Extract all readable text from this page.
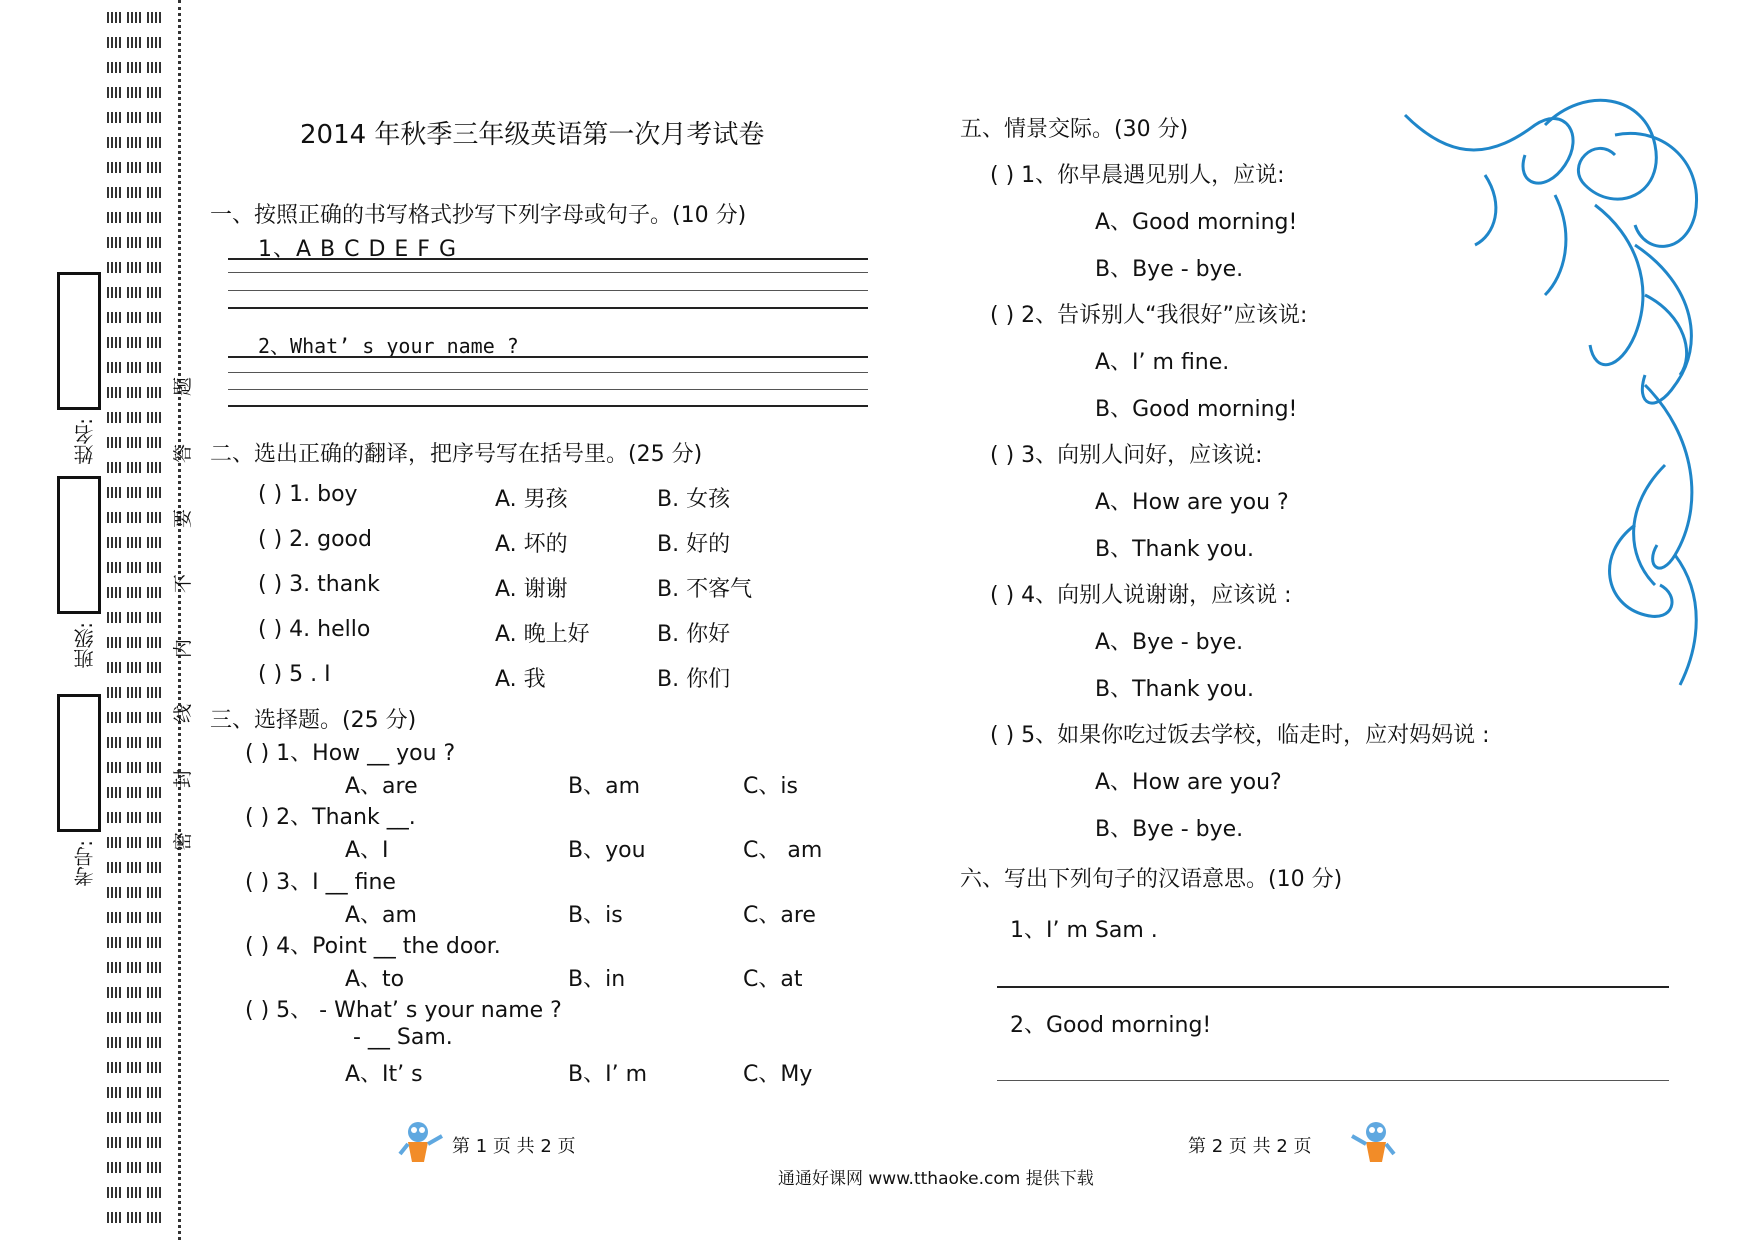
姓名:
班级:
考号:	密
封
线
内
不
要
答
题
2014 年秋季三年级英语第一次月考试卷
一、按照正确的书写格式抄写下列字母或句子。(10 分)
1、A B C D E F G
2、What’ s your name ?
二、选出正确的翻译，把序号写在括号里。(25 分)
( ) 1. boy	A. 男孩	B. 女孩
( ) 2. good	A. 坏的	B. 好的
( ) 3. thank	A. 谢谢	B. 不客气
( ) 4. hello	A. 晚上好	B. 你好
( ) 5 . I	A. 我	B. 你们
三、选择题。(25 分)
( ) 1、How __ you ?
A、are	B、am	C、is
( ) 2、Thank __.
A、I	B、you	C、 am
( ) 3、I __ fine
A、am	B、is	C、are
( ) 4、Point __ the door.
A、to	B、in	C、at
( ) 5、 - What’ s your name ?
- __ Sam.
A、It’ s	B、I’ m	C、My
五、情景交际。(30 分)
( ) 1、你早晨遇见别人，应说:
A、Good morning!
B、Bye - bye.
( ) 2、告诉别人“我很好”应该说:
A、I’ m fine.
B、Good morning!
( ) 3、向别人问好，应该说:
A、How are you ?
B、Thank you.
( ) 4、向别人说谢谢，应该说 :
A、Bye - bye.
B、Thank you.
( ) 5、如果你吃过饭去学校，临走时，应对妈妈说 :
A、How are you?
B、Bye - bye.
六、写出下列句子的汉语意思。(10 分)
1、I’ m Sam .
2、Good morning!
第 1 页 共 2 页	第 2 页 共 2 页
通通好课网 www.tthaoke.com 提供下载
